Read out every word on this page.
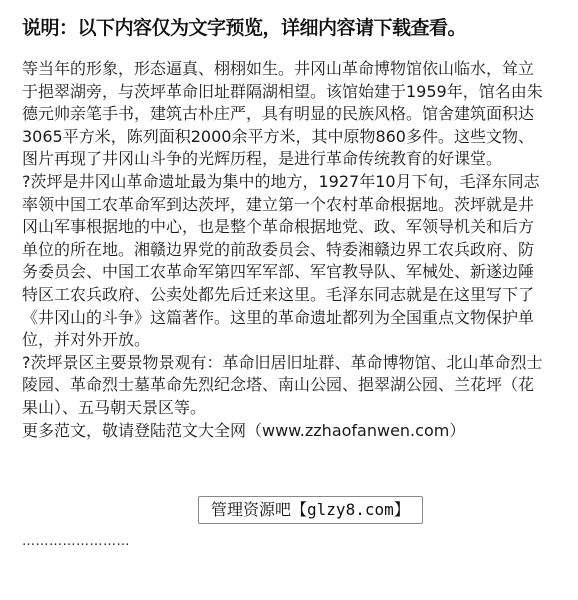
说明：以下内容仅为文字预览，详细内容请下载查看。

等当年的形象，形态逼真、栩栩如生。井冈山革命博物馆依山临水，耸立于挹翠湖旁，与茨坪革命旧址群隔湖相望。该馆始建于1959年，馆名由朱德元帅亲笔手书，建筑古朴庄严，具有明显的民族风格。馆舍建筑面积达3065平方米，陈列面积2000余平方米，其中原物860多件。这些文物、图片再现了井冈山斗争的光辉历程，是进行革命传统教育的好课堂。

?茨坪是井冈山革命遗址最为集中的地方，1927年10月下旬，毛泽东同志率领中国工农革命军到达茨坪，建立第一个农村革命根据地。茨坪就是井冈山军事根据地的中心，也是整个革命根据地党、政、军领导机关和后方单位的所在地。湘赣边界党的前敌委员会、特委湘赣边界工农兵政府、防务委员会、中国工农革命军第四军军部、军官教导队、军械处、新遂边陲特区工农兵政府、公卖处都先后迁来这里。毛泽东同志就是在这里写下了《井冈山的斗争》这篇著作。这里的革命遗址都列为全国重点文物保护单位，并对外开放。

?茨坪景区主要景物景观有：革命旧居旧址群、革命博物馆、北山革命烈士陵园、革命烈士墓革命先烈纪念塔、南山公园、挹翠湖公园、兰花坪（花果山）、五马朝天景区等。

更多范文，敬请登陆范文大全网（www.zzhaofanwen.com）

……………………
管理资源吧【glzy8.com】
